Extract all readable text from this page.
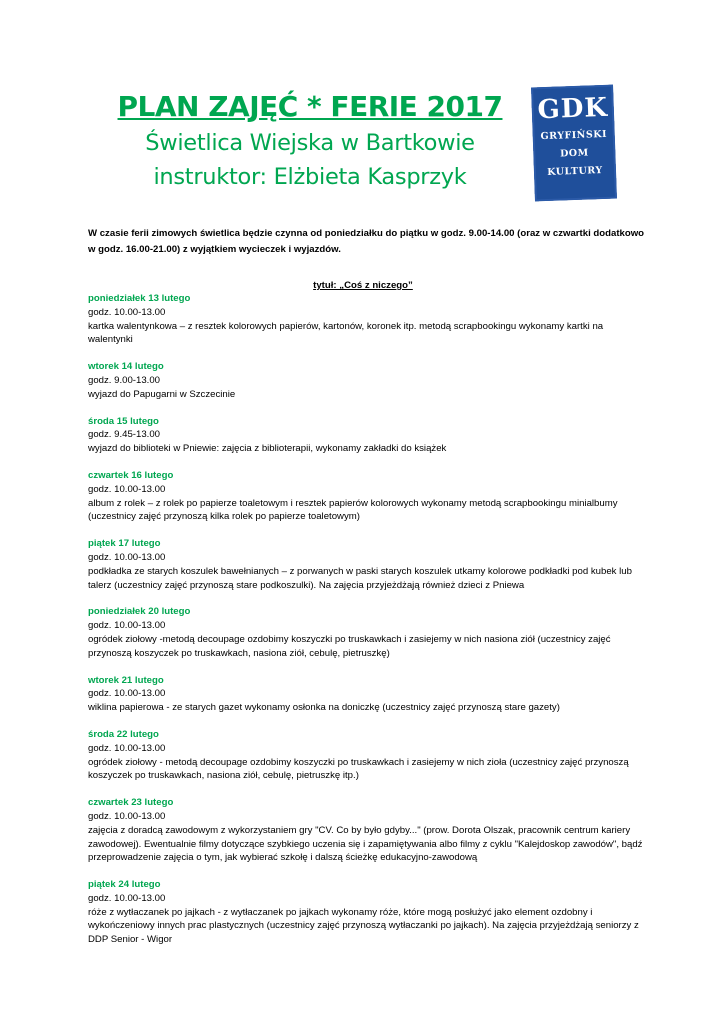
PLAN ZAJĘĆ * FERIE 2017
Świetlica Wiejska w Bartkowie
instruktor: Elżbieta Kasprzyk
GDK
GRYFIŃSKI
DOM
KULTURY
W czasie ferii zimowych świetlica będzie czynna od poniedziałku do piątku w godz. 9.00-14.00 (oraz w czwartki dodatkowo w godz. 16.00-21.00) z wyjątkiem wycieczek i wyjazdów.
tytuł: „Coś z niczego”
poniedziałek 13 lutego
godz. 10.00-13.00
kartka walentynkowa – z resztek kolorowych papierów, kartonów, koronek itp. metodą scrapbookingu wykonamy kartki na walentynki
wtorek 14 lutego
godz. 9.00-13.00
wyjazd do Papugarni w Szczecinie
środa 15 lutego
godz. 9.45-13.00
wyjazd do biblioteki w Pniewie: zajęcia z biblioterapii, wykonamy zakładki do książek
czwartek 16 lutego
godz. 10.00-13.00
album z rolek – z rolek po papierze toaletowym i resztek papierów kolorowych wykonamy metodą scrapbookingu minialbumy (uczestnicy zajęć przynoszą kilka rolek po papierze toaletowym)
piątek 17 lutego
godz. 10.00-13.00
podkładka ze starych koszulek bawełnianych – z porwanych w paski starych koszulek utkamy kolorowe podkładki pod kubek lub talerz (uczestnicy zajęć przynoszą stare podkoszulki). Na zajęcia przyjeżdżają również dzieci z Pniewa
poniedziałek 20 lutego
godz. 10.00-13.00
ogródek ziołowy -metodą decoupage ozdobimy koszyczki po truskawkach i zasiejemy w nich nasiona ziół (uczestnicy zajęć przynoszą koszyczek po truskawkach, nasiona ziół, cebulę, pietruszkę)
wtorek 21 lutego
godz. 10.00-13.00
wiklina papierowa - ze starych gazet wykonamy osłonka na doniczkę (uczestnicy zajęć przynoszą stare gazety)
środa 22 lutego
godz. 10.00-13.00
ogródek ziołowy - metodą decoupage ozdobimy koszyczki po truskawkach i zasiejemy w nich zioła (uczestnicy zajęć przynoszą koszyczek po truskawkach, nasiona ziół, cebulę, pietruszkę itp.)
czwartek 23 lutego
godz. 10.00-13.00
zajęcia z doradcą zawodowym z wykorzystaniem gry "CV. Co by było gdyby..." (prow. Dorota Olszak, pracownik centrum kariery zawodowej). Ewentualnie filmy dotyczące szybkiego uczenia się i zapamiętywania albo filmy z cyklu "Kalejdoskop zawodów", bądź przeprowadzenie zajęcia o tym, jak wybierać szkołę i dalszą ścieżkę edukacyjno-zawodową
piątek 24 lutego
godz. 10.00-13.00
róże z wytłaczanek po jajkach - z wytłaczanek po jajkach wykonamy róże, które mogą posłużyć jako element ozdobny i wykończeniowy innych prac plastycznych (uczestnicy zajęć przynoszą wytłaczanki po jajkach). Na zajęcia przyjeżdżają seniorzy z DDP Senior - Wigor
